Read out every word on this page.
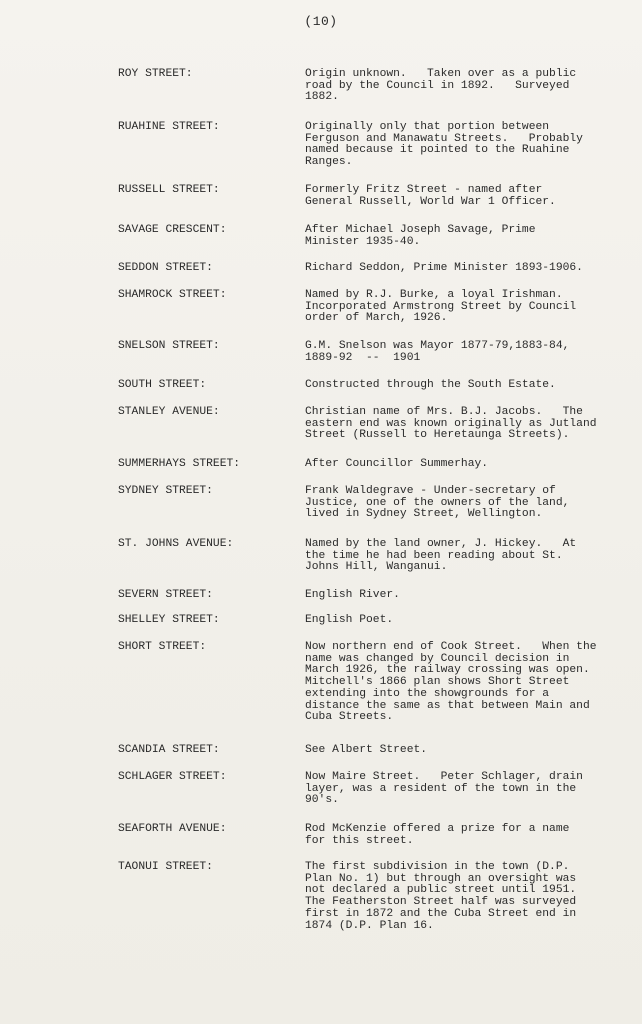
(10)
ROY STREET:	Origin unknown.   Taken over as a public
road by the Council in 1892.   Surveyed
1882.
RUAHINE STREET:	Originally only that portion between
Ferguson and Manawatu Streets.   Probably
named because it pointed to the Ruahine
Ranges.
RUSSELL STREET:	Formerly Fritz Street - named after
General Russell, World War 1 Officer.
SAVAGE CRESCENT:	After Michael Joseph Savage, Prime
Minister 1935-40.
SEDDON STREET:	Richard Seddon, Prime Minister 1893-1906.
SHAMROCK STREET:	Named by R.J. Burke, a loyal Irishman.
Incorporated Armstrong Street by Council
order of March, 1926.
SNELSON STREET:	G.M. Snelson was Mayor 1877-79,1883-84,
1889-92  --  1901
SOUTH STREET:	Constructed through the South Estate.
STANLEY AVENUE:	Christian name of Mrs. B.J. Jacobs.   The
eastern end was known originally as Jutland
Street (Russell to Heretaunga Streets).
SUMMERHAYS STREET:	After Councillor Summerhay.
SYDNEY STREET:	Frank Waldegrave - Under-secretary of
Justice, one of the owners of the land,
lived in Sydney Street, Wellington.
ST. JOHNS AVENUE:	Named by the land owner, J. Hickey.   At
the time he had been reading about St.
Johns Hill, Wanganui.
SEVERN STREET:	English River.
SHELLEY STREET:	English Poet.
SHORT STREET:	Now northern end of Cook Street.   When the
name was changed by Council decision in
March 1926, the railway crossing was open.
Mitchell's 1866 plan shows Short Street
extending into the showgrounds for a
distance the same as that between Main and
Cuba Streets.
SCANDIA STREET:	See Albert Street.
SCHLAGER STREET:	Now Maire Street.   Peter Schlager, drain
layer, was a resident of the town in the
90's.
SEAFORTH AVENUE:	Rod McKenzie offered a prize for a name
for this street.
TAONUI STREET:	The first subdivision in the town (D.P.
Plan No. 1) but through an oversight was
not declared a public street until 1951.
The Featherston Street half was surveyed
first in 1872 and the Cuba Street end in
1874 (D.P. Plan 16.
